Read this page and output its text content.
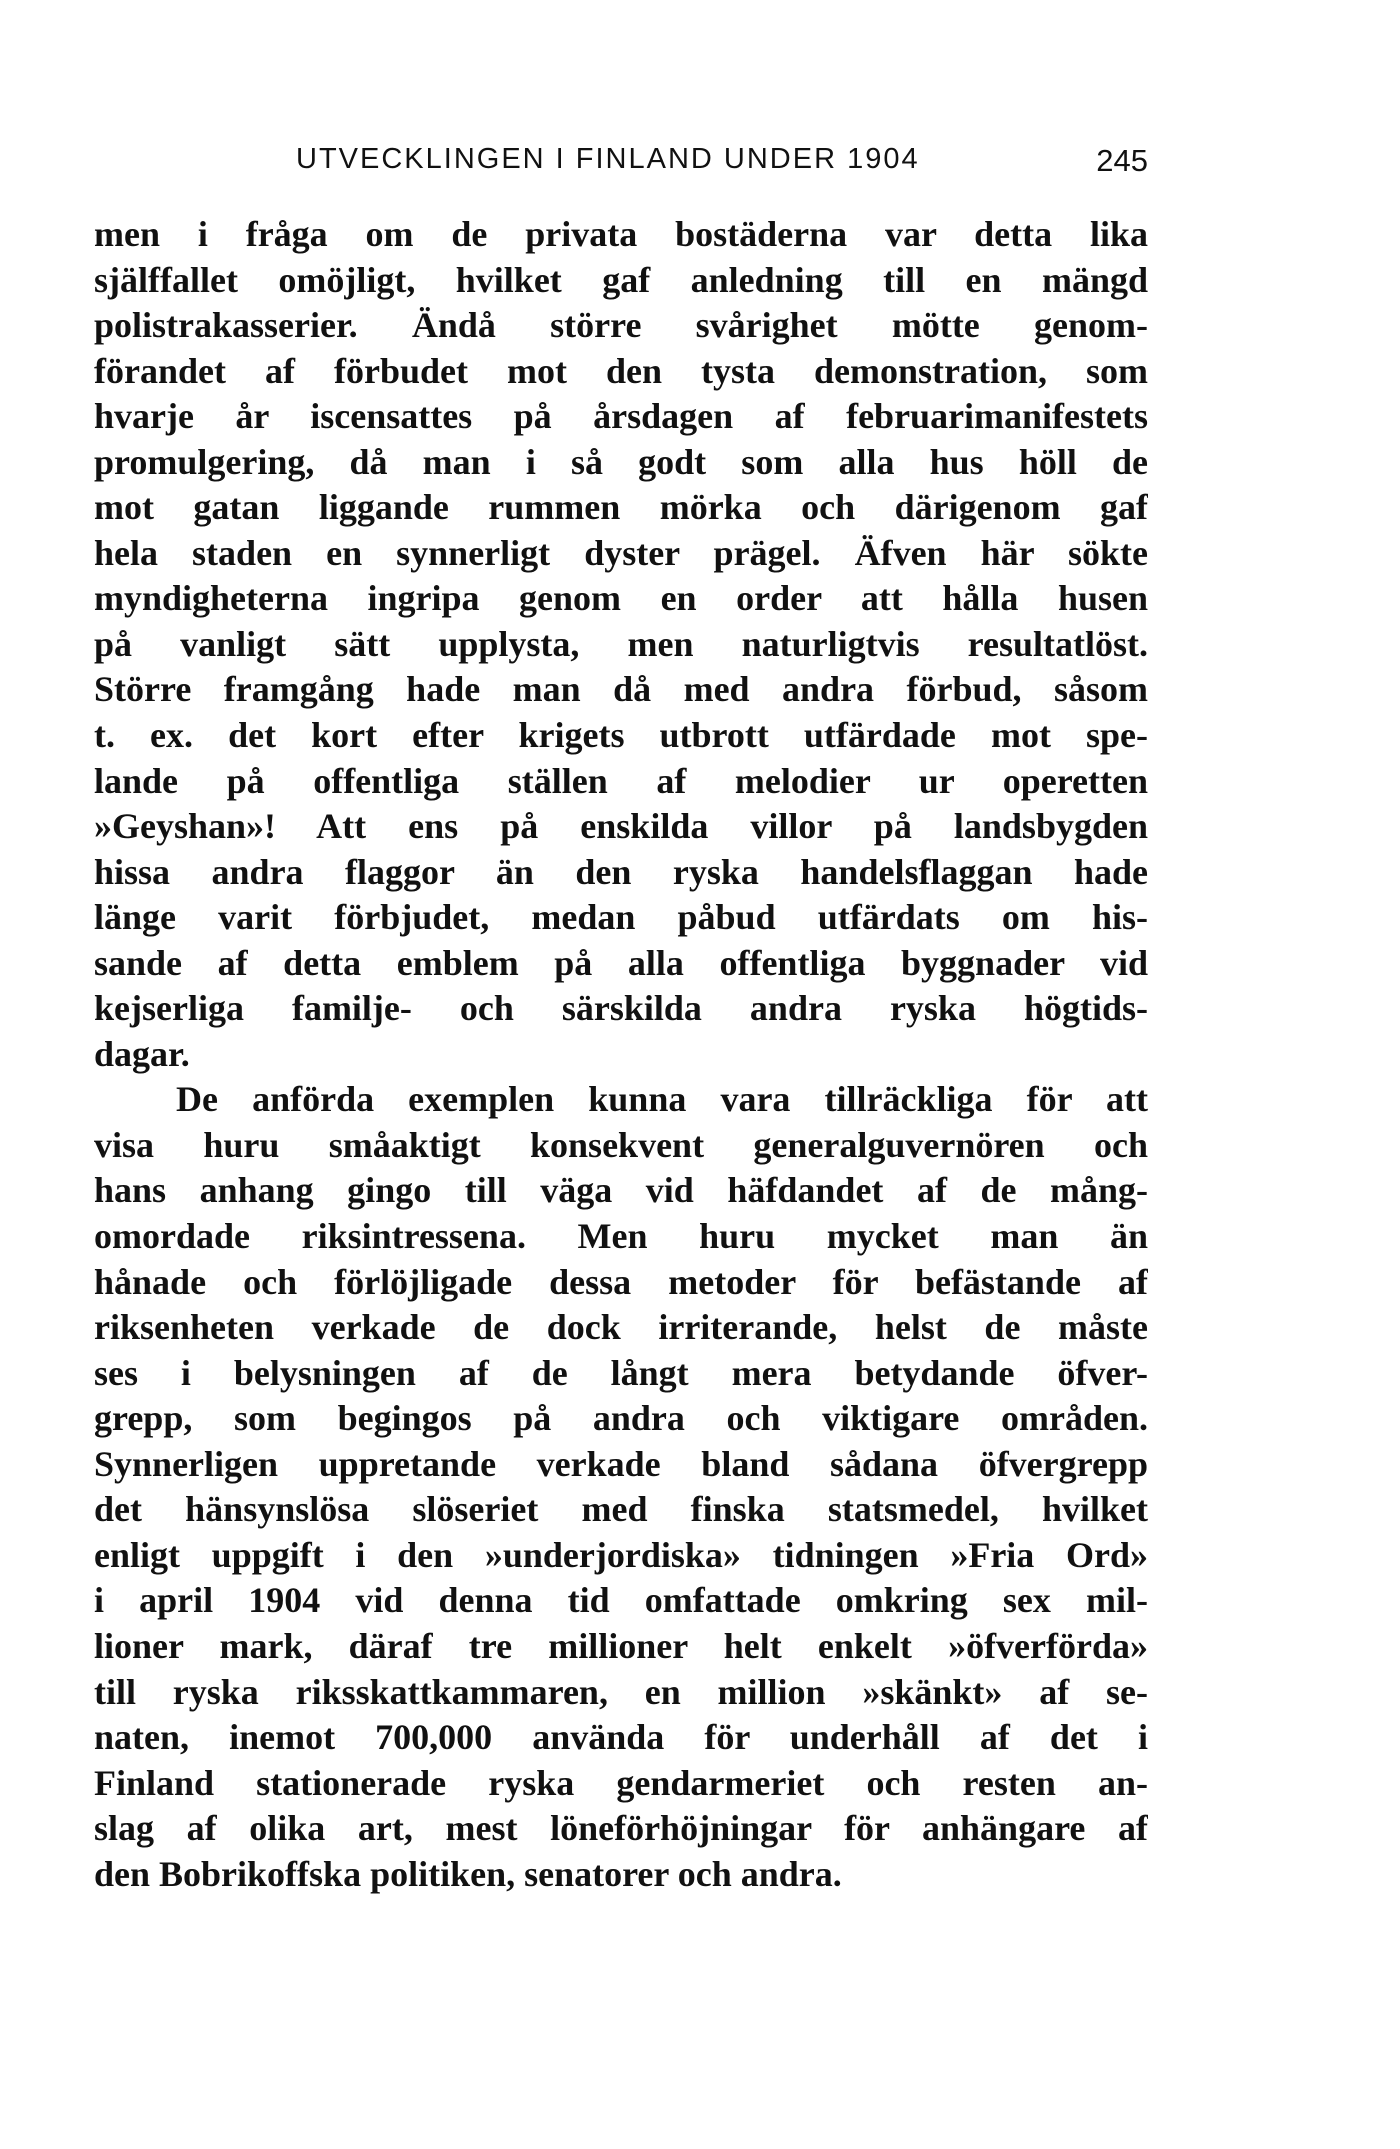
UTVECKLINGEN I FINLAND UNDER 1904	245
men i fråga om de privata bostäderna var detta lika
själffallet omöjligt, hvilket gaf anledning till en mängd
polistrakasserier. Ändå större svårighet mötte genom-
förandet af förbudet mot den tysta demonstration, som
hvarje år iscensattes på årsdagen af februarimanifestets
promulgering, då man i så godt som alla hus höll de
mot gatan liggande rummen mörka och därigenom gaf
hela staden en synnerligt dyster prägel. Äfven här sökte
myndigheterna ingripa genom en order att hålla husen
på vanligt sätt upplysta, men naturligtvis resultatlöst.
Större framgång hade man då med andra förbud, såsom
t. ex. det kort efter krigets utbrott utfärdade mot spe-
lande på offentliga ställen af melodier ur operetten
»Geyshan»! Att ens på enskilda villor på landsbygden
hissa andra flaggor än den ryska handelsflaggan hade
länge varit förbjudet, medan påbud utfärdats om his-
sande af detta emblem på alla offentliga byggnader vid
kejserliga familje- och särskilda andra ryska högtids-
dagar.
De anförda exemplen kunna vara tillräckliga för att
visa huru småaktigt konsekvent generalguvernören och
hans anhang gingo till väga vid häfdandet af de mång-
omordade riksintressena. Men huru mycket man än
hånade och förlöjligade dessa metoder för befästande af
riksenheten verkade de dock irriterande, helst de måste
ses i belysningen af de långt mera betydande öfver-
grepp, som begingos på andra och viktigare områden.
Synnerligen uppretande verkade bland sådana öfvergrepp
det hänsynslösa slöseriet med finska statsmedel, hvilket
enligt uppgift i den »underjordiska» tidningen »Fria Ord»
i april 1904 vid denna tid omfattade omkring sex mil-
lioner mark, däraf tre millioner helt enkelt »öfverförda»
till ryska riksskattkammaren, en million »skänkt» af se-
naten, inemot 700,000 använda för underhåll af det i
Finland stationerade ryska gendarmeriet och resten an-
slag af olika art, mest löneförhöjningar för anhängare af
den Bobrikoffska politiken, senatorer och andra.
